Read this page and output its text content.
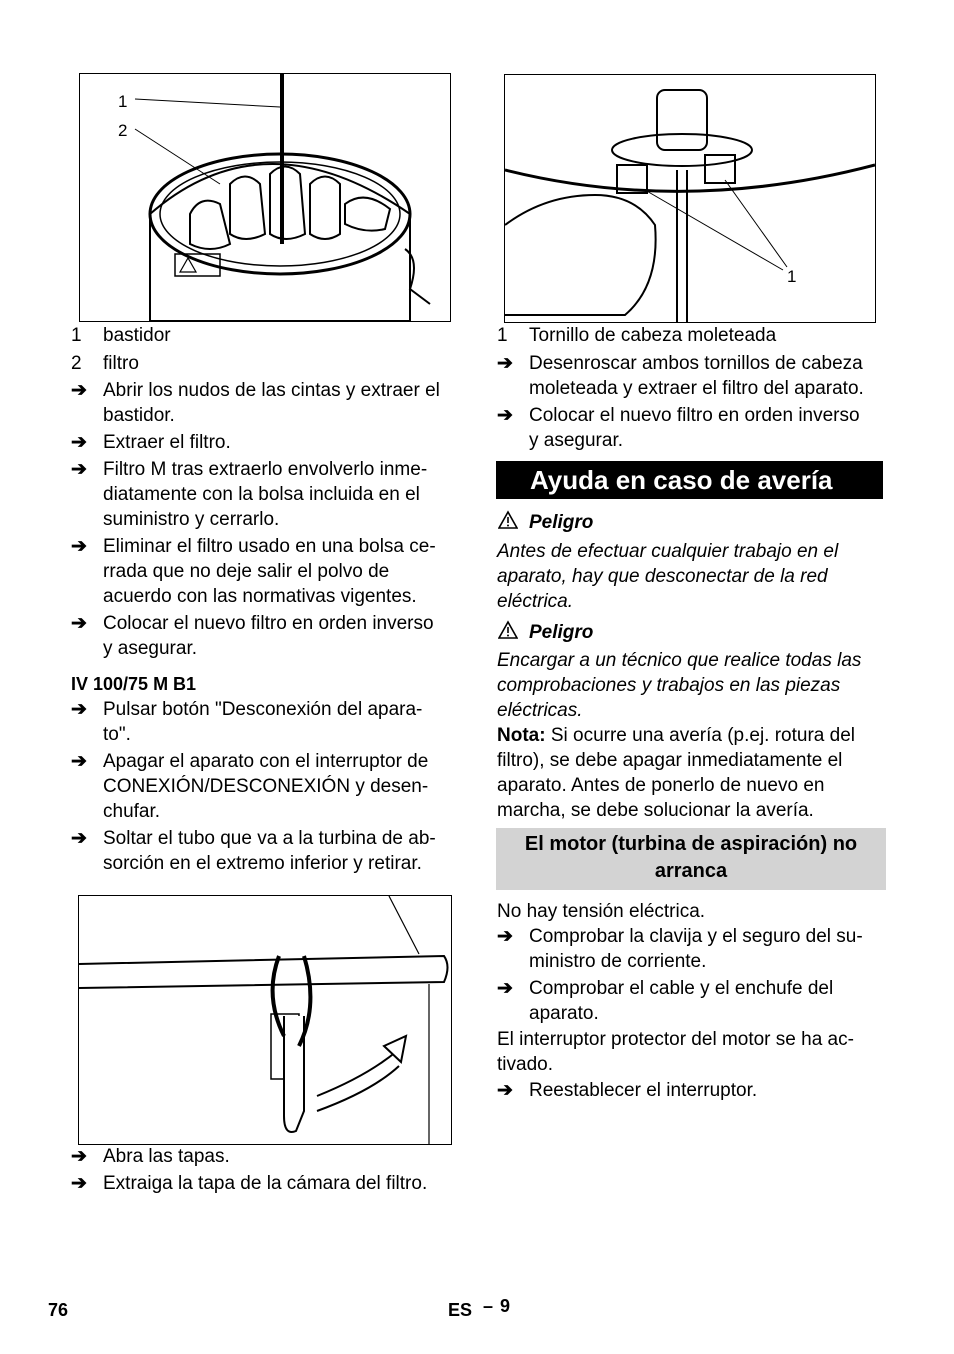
1
2
1 bastidor
2 filtro
➔ Abrir los nudos de las cintas y extraer el
bastidor.
➔ Extraer el filtro.
➔ Filtro M tras extraerlo envolverlo inme-
diatamente con la bolsa incluida en el
suministro y cerrarlo.
➔ Eliminar el filtro usado en una bolsa ce-
rrada que no deje salir el polvo de
acuerdo con las normativas vigentes.
➔ Colocar el nuevo filtro en orden inverso
y asegurar.
IV 100/75 M B1
➔ Pulsar botón "Desconexión del apara-
to".
➔ Apagar el aparato con el interruptor de
CONEXIÓN/DESCONEXIÓN y desen-
chufar.
➔ Soltar el tubo que va a la turbina de ab-
sorción en el extremo inferior y retirar.
➔ Abra las tapas.
➔ Extraiga la tapa de la cámara del filtro.
1
1 Tornillo de cabeza moleteada
➔ Desenroscar ambos tornillos de cabeza
moleteada y extraer el filtro del aparato.
➔ Colocar el nuevo filtro en orden inverso
y asegurar.
Ayuda en caso de avería
Peligro
Antes de efectuar cualquier trabajo en el
aparato, hay que desconectar de la red
eléctrica.
Peligro
Encargar a un técnico que realice todas las
comprobaciones y trabajos en las piezas
eléctricas.
Nota: Si ocurre una avería (p.ej. rotura del
filtro), se debe apagar inmediatamente el
aparato. Antes de ponerlo de nuevo en
marcha, se debe solucionar la avería.
El motor (turbina de aspiración) no
arranca
No hay tensión eléctrica.
➔ Comprobar la clavija y el seguro del su-
ministro de corriente.
➔ Comprobar el cable y el enchufe del
aparato.
El interruptor protector del motor se ha ac-
tivado.
➔ Reestablecer el interruptor.
76	ES – 9
